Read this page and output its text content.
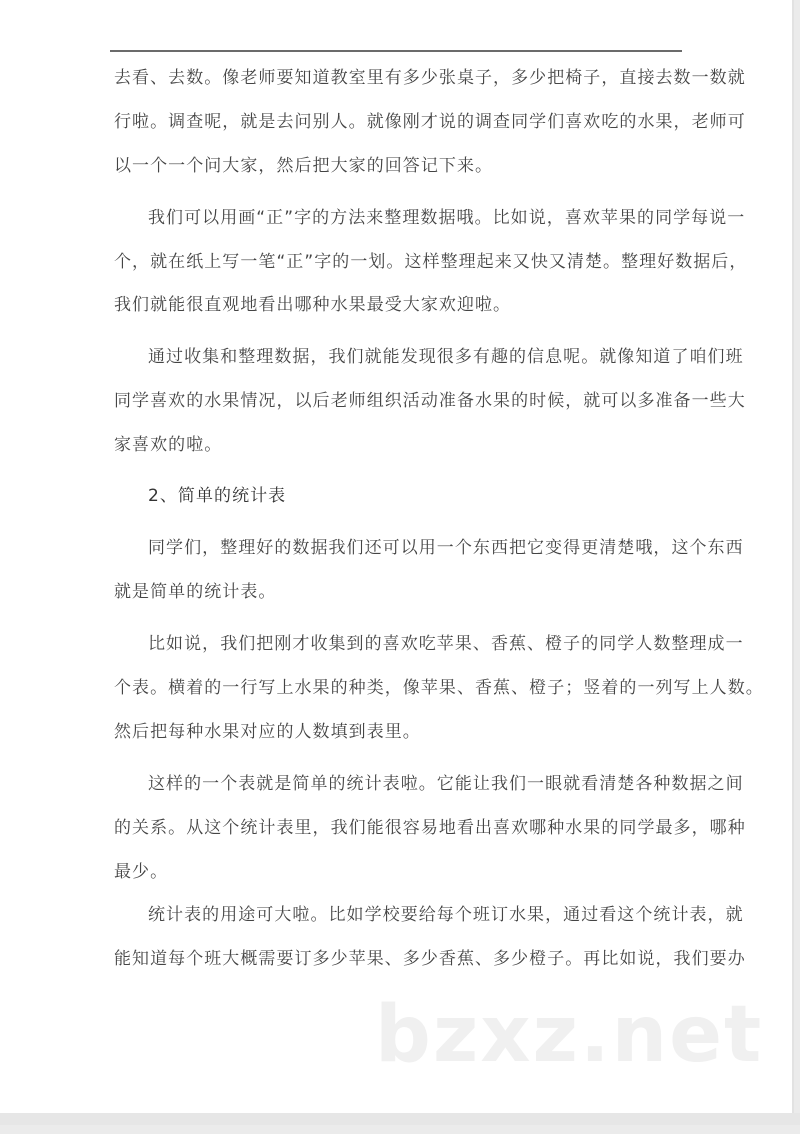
bzxz.net
去看、去数。像老师要知道教室里有多少张桌子，多少把椅子，直接去数一数就
行啦。调查呢，就是去问别人。就像刚才说的调查同学们喜欢吃的水果，老师可
以一个一个问大家，然后把大家的回答记下来。
我们可以用画“正”字的方法来整理数据哦。比如说，喜欢苹果的同学每说一
个，就在纸上写一笔“正”字的一划。这样整理起来又快又清楚。整理好数据后，
我们就能很直观地看出哪种水果最受大家欢迎啦。
通过收集和整理数据，我们就能发现很多有趣的信息呢。就像知道了咱们班
同学喜欢的水果情况，以后老师组织活动准备水果的时候，就可以多准备一些大
家喜欢的啦。
2、简单的统计表
同学们，整理好的数据我们还可以用一个东西把它变得更清楚哦，这个东西
就是简单的统计表。
比如说，我们把刚才收集到的喜欢吃苹果、香蕉、橙子的同学人数整理成一
个表。横着的一行写上水果的种类，像苹果、香蕉、橙子；竖着的一列写上人数。
然后把每种水果对应的人数填到表里。
这样的一个表就是简单的统计表啦。它能让我们一眼就看清楚各种数据之间
的关系。从这个统计表里，我们能很容易地看出喜欢哪种水果的同学最多，哪种
最少。
统计表的用途可大啦。比如学校要给每个班订水果，通过看这个统计表，就
能知道每个班大概需要订多少苹果、多少香蕉、多少橙子。再比如说，我们要办
